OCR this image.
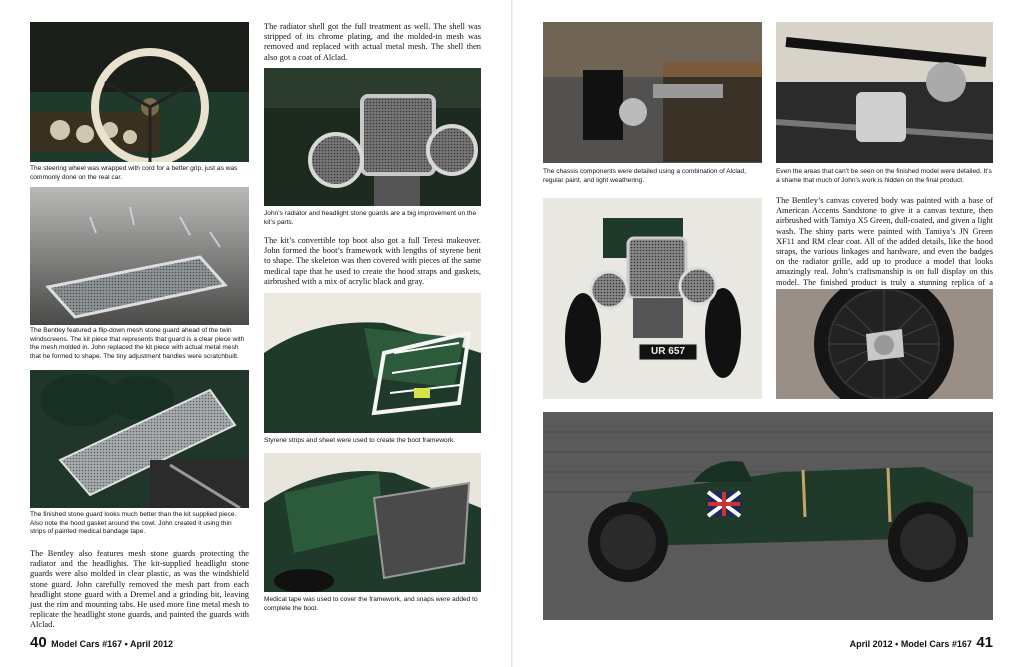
The steering wheel was wrapped with cord for a better grip, just as was commonly done on the real car.
The Bentley featured a flip-down mesh stone guard ahead of the twin windscreens. The kit piece that represents that guard is a clear piece with the mesh molded in. John replaced the kit piece with actual metal mesh that he formed to shape. The tiny adjustment handles were scratchbuilt.
The finished stone guard looks much better than the kit supplied piece. Also note the hood gasket around the cowl. John created it using thin strips of painted medical bandage tape.
The Bentley also features mesh stone guards protecting the radiator and the headlights. The kit-supplied headlight stone guards were also molded in clear plastic, as was the windshield stone guard. John carefully removed the mesh part from each headlight stone guard with a Dremel and a grinding bit, leaving just the rim and mounting tabs. He used more fine metal mesh to replicate the headlight stone guards, and painted the guards with Alclad.
The radiator shell got the full treatment as well. The shell was stripped of its chrome plating, and the molded-in mesh was removed and replaced with actual metal mesh. The shell then also got a coat of Alclad.
John’s radiator and headlight stone guards are a big improvement on the kit’s parts.
The kit’s convertible top boot also got a full Teresi makeover. John formed the boot’s framework with lengths of styrene bent to shape. The skeleton was then covered with pieces of the same medical tape that he used to create the hood straps and gaskets, airbrushed with a mix of acrylic black and gray.
Styrene strips and sheet were used to create the boot framework.
Medical tape was used to cover the framework, and snaps were added to complete the boot.
40 Model Cars #167 • April 2012
The chassis components were detailed using a combination of Alclad, regular paint, and light weathering.
Even the areas that can’t be seen on the finished model were detailed. It’s a shame that much of John’s work is hidden on the final product.
UR 657
The Bentley’s canvas covered body was painted with a base of American Accents Sandstone to give it a canvas texture, then airbrushed with Tamiya X5 Green, dull-coated, and given a light wash. The shiny parts were painted with Tamiya’s JN Green XF11 and RM clear coat. All of the added details, like the hood straps, the various linkages and hardware, and even the badges on the radiator grille, add up to produce a model that looks amazingly real. John’s craftsmanship is on full display on this model. The finished product is truly a stunning replica of a
April 2012 • Model Cars #167 41
